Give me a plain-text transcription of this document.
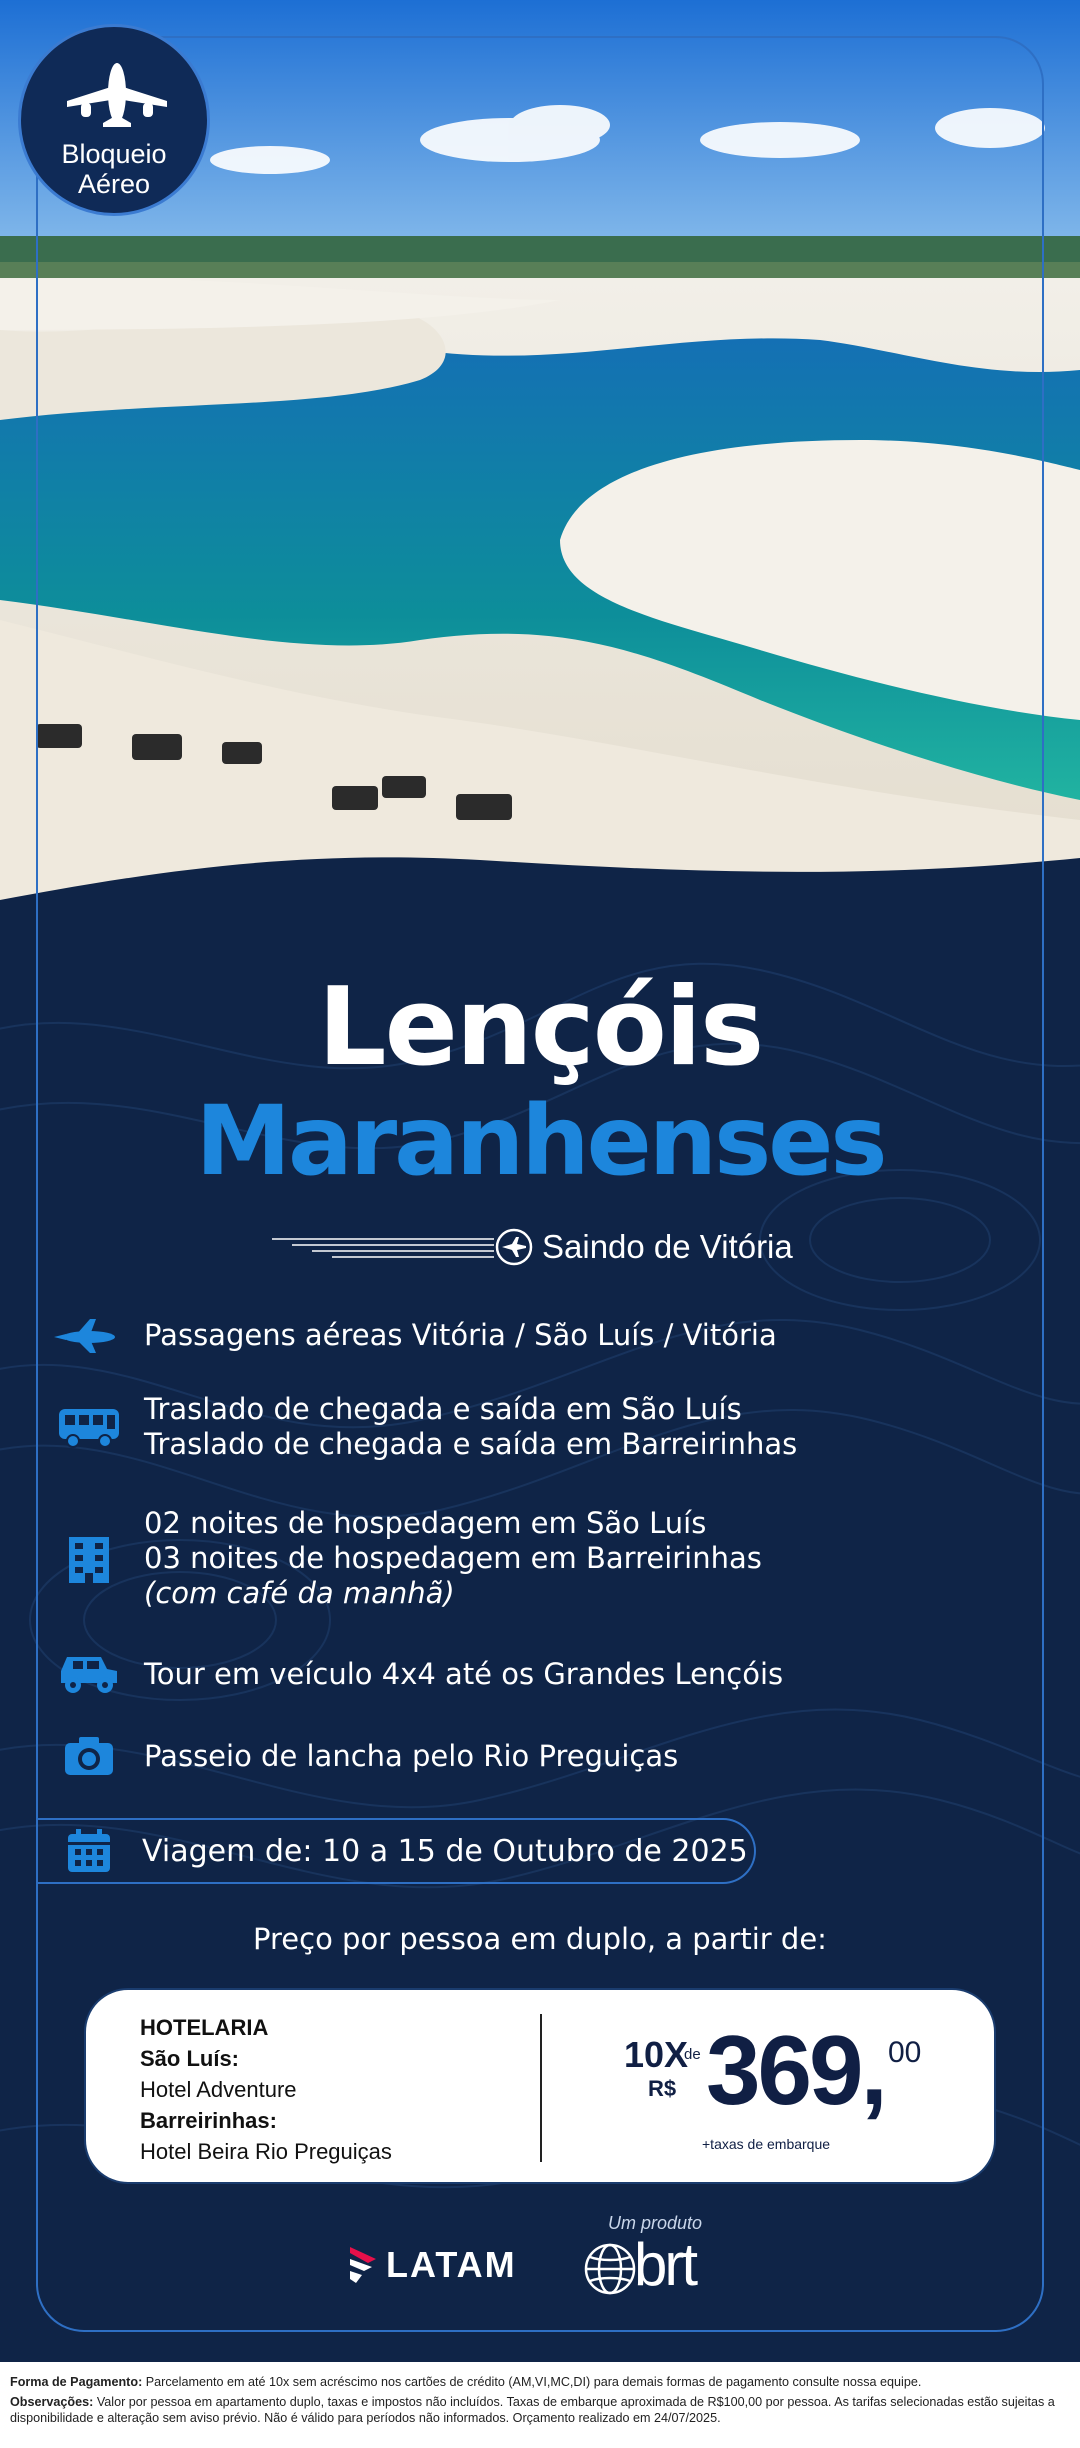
Bloqueio
Aéreo
Lençóis
Maranhenses
Saindo de Vitória
Passagens aéreas Vitória / São Luís / Vitória
Traslado de chegada e saída em São Luís
Traslado de chegada e saída em Barreirinhas
02 noites de hospedagem em São Luís
03 noites de hospedagem em Barreirinhas
(com café da manhã)
Tour em veículo 4x4 até os Grandes Lençóis
Passeio de lancha pelo Rio Preguiças
Viagem de: 10 a 15 de Outubro de 2025
Preço por pessoa em duplo, a partir de:
HOTELARIA
São Luís:
Hotel Adventure
Barreirinhas:
Hotel Beira Rio Preguiças
10X
de
R$ 369, 00
+taxas de embarque
Um produto
LATAM brt
Forma de Pagamento: Parcelamento em até 10x sem acréscimo nos cartões de crédito (AM,VI,MC,DI) para demais formas de pagamento consulte nossa equipe.
Observações: Valor por pessoa em apartamento duplo, taxas e impostos não incluídos. Taxas de embarque aproximada de R$100,00 por pessoa. As tarifas selecionadas estão sujeitas a disponibilidade e alteração sem aviso prévio. Não é válido para períodos não informados. Orçamento realizado em 24/07/2025.
